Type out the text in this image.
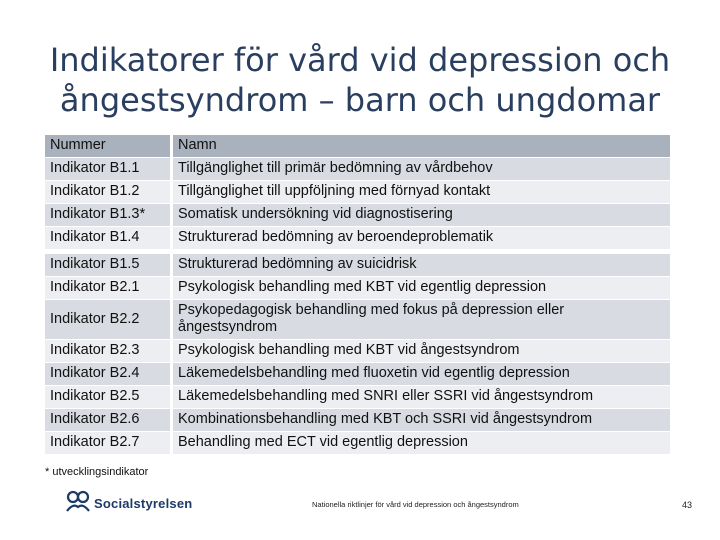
Indikatorer för vård vid depression och
ångestsyndrom – barn och ungdomar
Nummer	Namn
Indikator B1.1	Tillgänglighet till primär bedömning av vårdbehov
Indikator B1.2	Tillgänglighet till uppföljning med förnyad kontakt
Indikator B1.3*	Somatisk undersökning vid diagnostisering
Indikator B1.4	Strukturerad bedömning av beroendeproblematik
Indikator B1.5	Strukturerad bedömning av suicidrisk
Indikator B2.1	Psykologisk behandling med KBT vid egentlig depression
Indikator B2.2	Psykopedagogisk behandling med fokus på depression eller ångestsyndrom
Indikator B2.3	Psykologisk behandling med KBT vid ångestsyndrom
Indikator B2.4	Läkemedelsbehandling med fluoxetin vid egentlig depression
Indikator B2.5	Läkemedelsbehandling med SNRI eller SSRI vid ångestsyndrom
Indikator B2.6	Kombinationsbehandling med KBT och SSRI vid ångestsyndrom
Indikator B2.7	Behandling med ECT vid egentlig depression
* utvecklingsindikator
Socialstyrelsen	Nationella riktlinjer för vård vid depression och ångestsyndrom	43
